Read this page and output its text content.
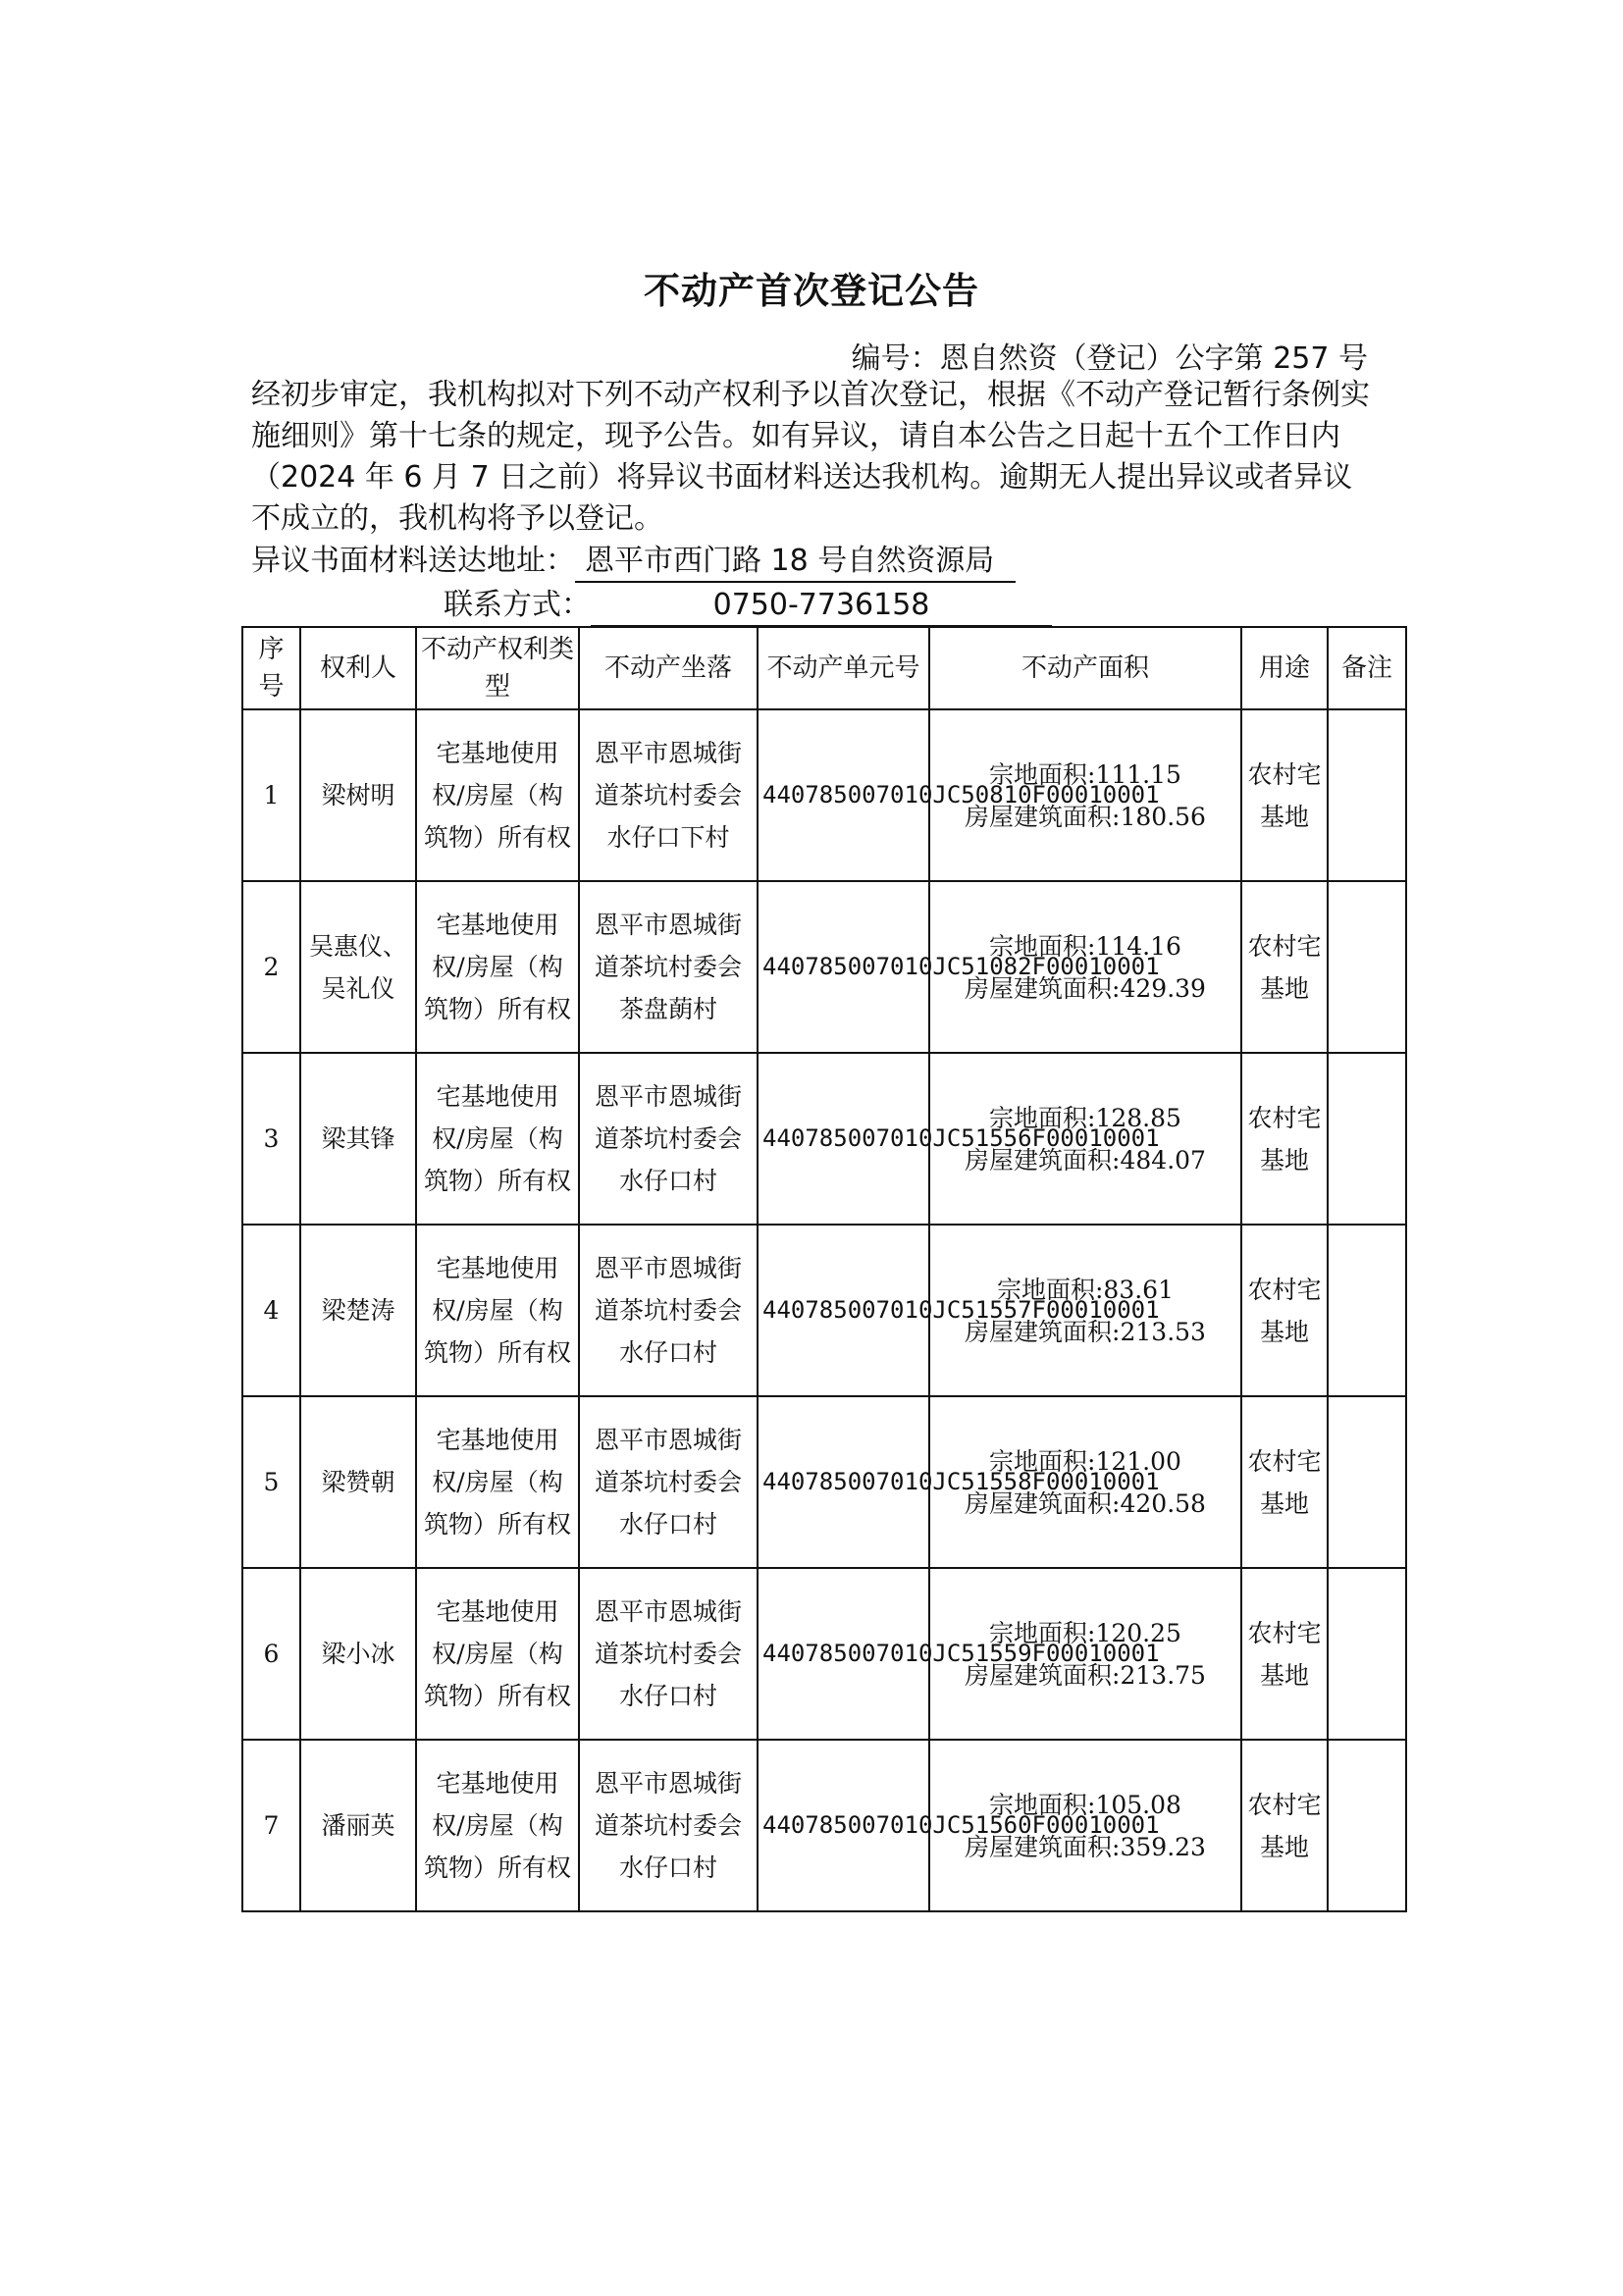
不动产首次登记公告
编号：恩自然资（登记）公字第 257 号

经初步审定，我机构拟对下列不动产权利予以首次登记，根据《不动产登记暂行条例实施细则》第十七条的规定，现予公告。如有异议，请自本公告之日起十五个工作日内（2024 年 6 月 7 日之前）将异议书面材料送达我机构。逾期无人提出异议或者异议不成立的，我机构将予以登记。

异议书面材料送达地址： 恩平市西门路 18 号自然资源局
联系方式：	0750-7736158
序号	权利人	不动产权利类型	不动产坐落	不动产单元号	不动产面积	用途	备注
1	梁树明	宅基地使用权/房屋（构筑物）所有权	恩平市恩城街道茶坑村委会水仔口下村	440785007010JC50810F00010001	宗地面积:111.15
房屋建筑面积:180.56	农村宅基地	
2	吴惠仪、吴礼仪	宅基地使用权/房屋（构筑物）所有权	恩平市恩城街道茶坑村委会茶盘蓢村	440785007010JC51082F00010001	宗地面积:114.16
房屋建筑面积:429.39	农村宅基地	
3	梁其锋	宅基地使用权/房屋（构筑物）所有权	恩平市恩城街道茶坑村委会水仔口村	440785007010JC51556F00010001	宗地面积:128.85
房屋建筑面积:484.07	农村宅基地	
4	梁楚涛	宅基地使用权/房屋（构筑物）所有权	恩平市恩城街道茶坑村委会水仔口村	440785007010JC51557F00010001	宗地面积:83.61
房屋建筑面积:213.53	农村宅基地	
5	梁赞朝	宅基地使用权/房屋（构筑物）所有权	恩平市恩城街道茶坑村委会水仔口村	440785007010JC51558F00010001	宗地面积:121.00
房屋建筑面积:420.58	农村宅基地	
6	梁小冰	宅基地使用权/房屋（构筑物）所有权	恩平市恩城街道茶坑村委会水仔口村	440785007010JC51559F00010001	宗地面积:120.25
房屋建筑面积:213.75	农村宅基地	
7	潘丽英	宅基地使用权/房屋（构筑物）所有权	恩平市恩城街道茶坑村委会水仔口村	440785007010JC51560F00010001	宗地面积:105.08
房屋建筑面积:359.23	农村宅基地	
